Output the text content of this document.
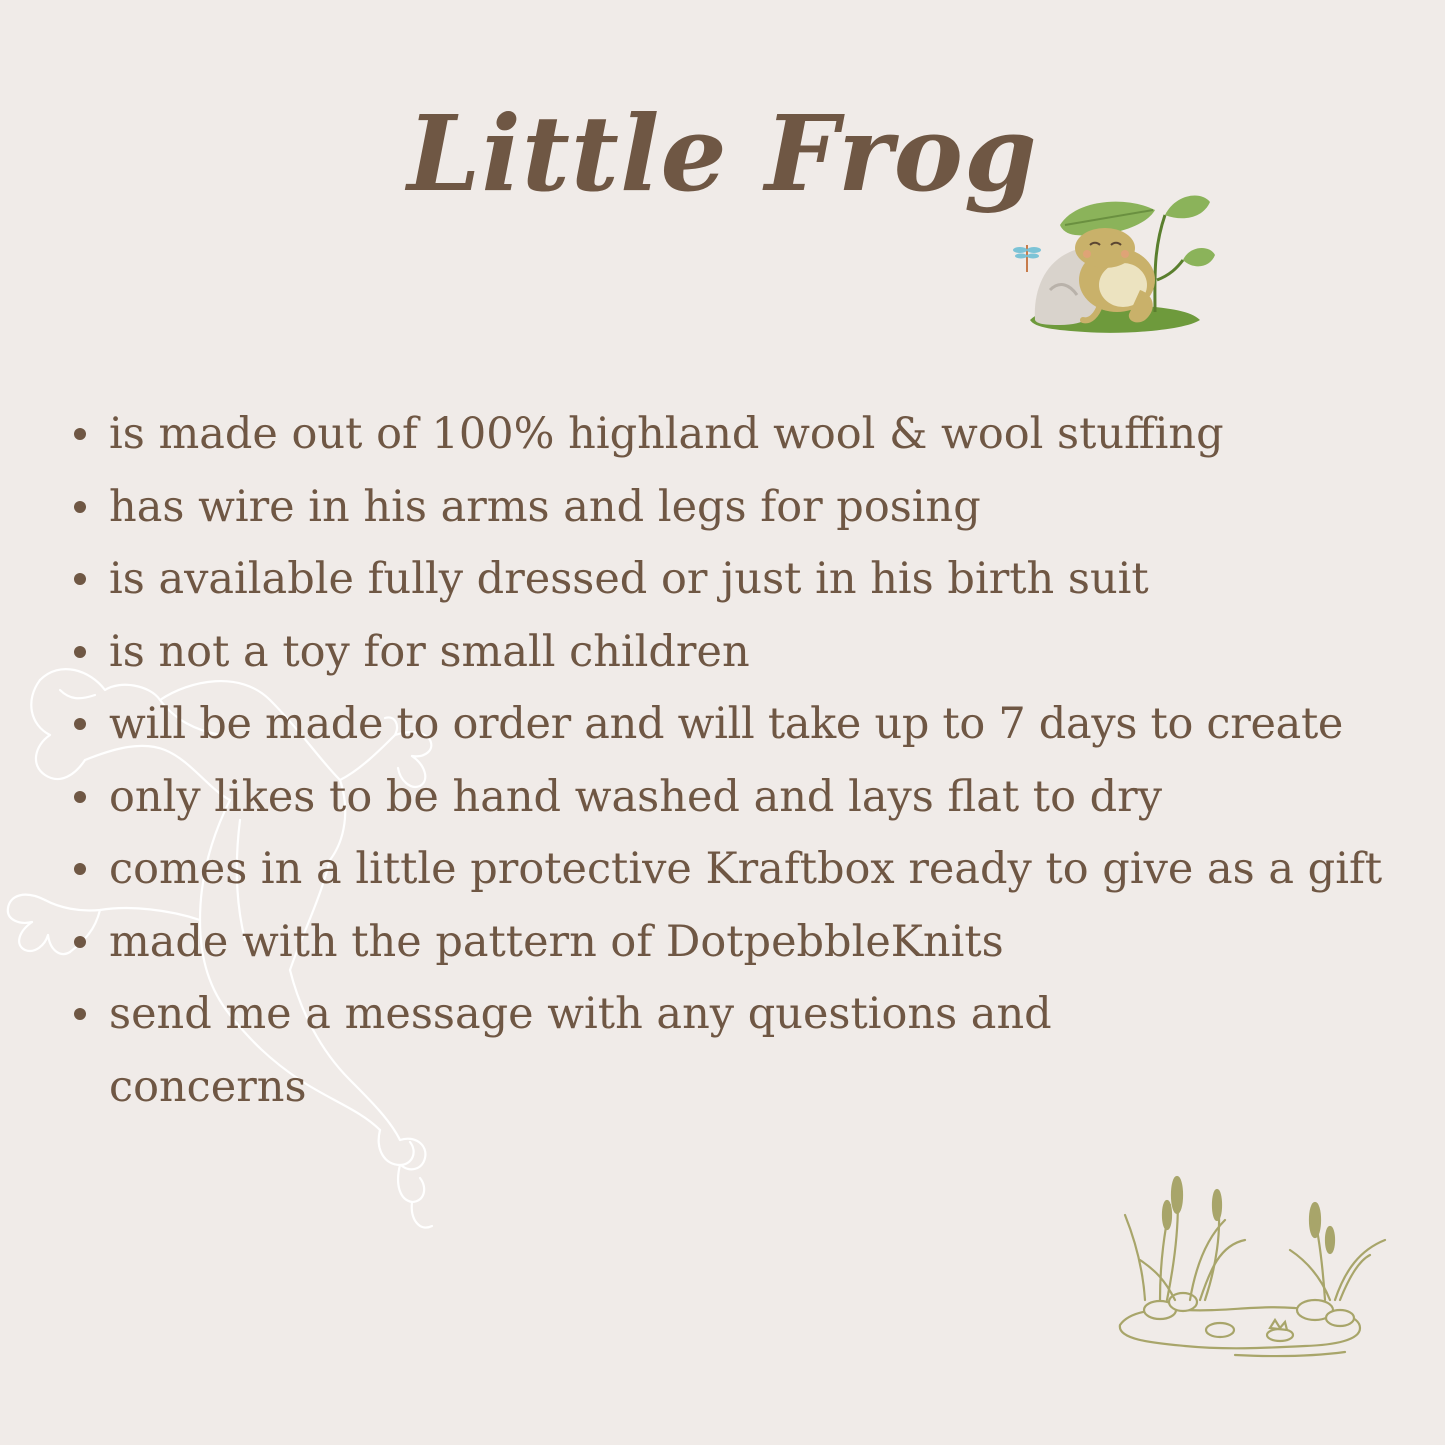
Little Frog
is made out of 100% highland wool & wool stuffing
has wire in his arms and legs for posing
is available fully dressed or just in his birth suit
is not a toy for small children
will be made to order and will take up to 7 days to create
only likes to be hand washed and lays flat to dry
comes in a little protective Kraftbox ready to give as a gift
made with the pattern of DotpebbleKnits
send me a message with any questions and concerns
